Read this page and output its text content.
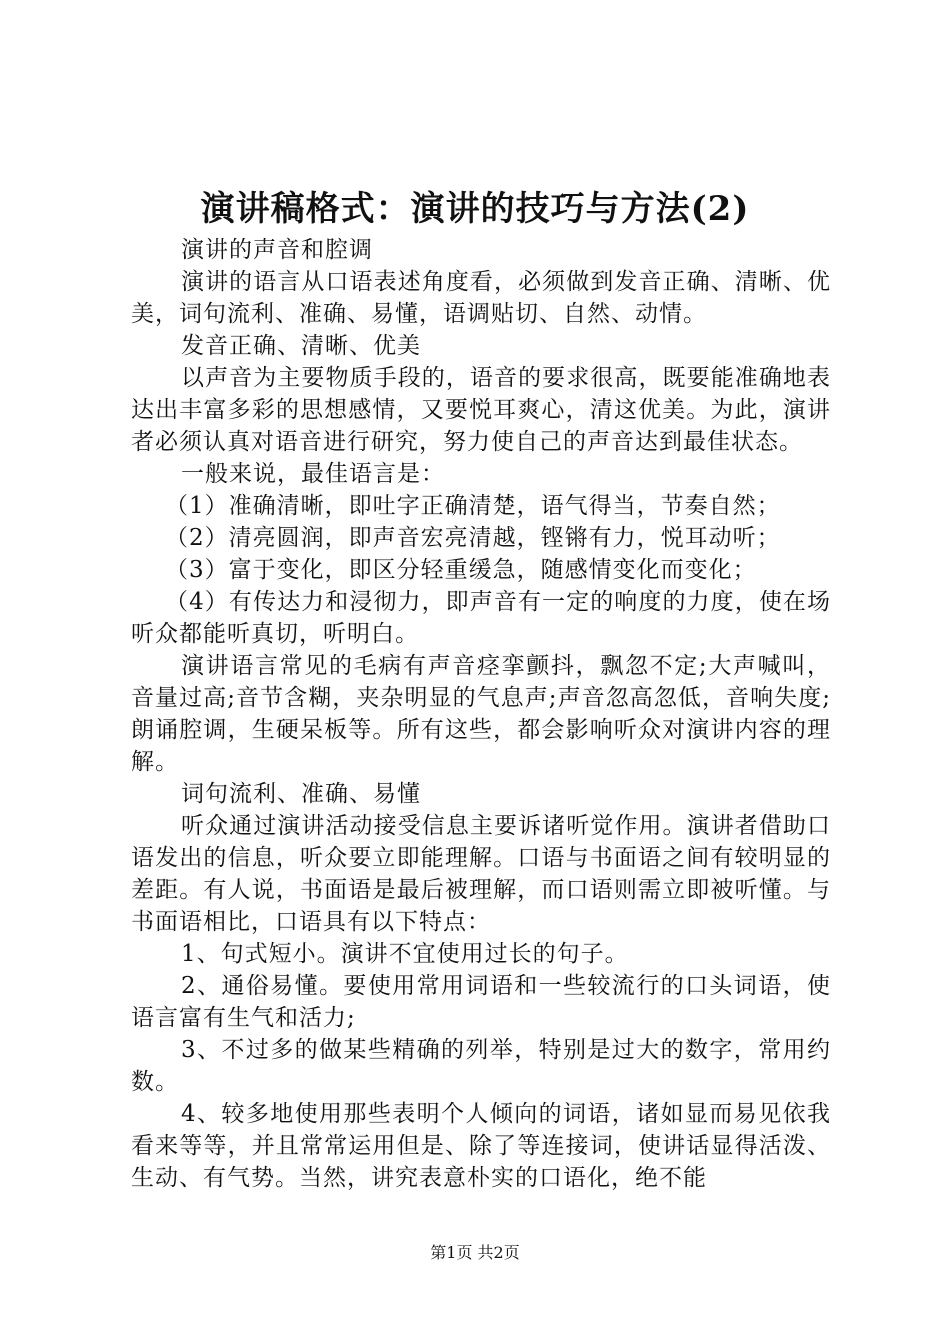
演讲稿格式：演讲的技巧与方法(2)

演讲的声音和腔调

演讲的语言从口语表述角度看，必须做到发音正确、清晰、优美，词句流利、准确、易懂，语调贴切、自然、动情。

发音正确、清晰、优美

以声音为主要物质手段的，语音的要求很高，既要能准确地表达出丰富多彩的思想感情，又要悦耳爽心，清这优美。为此，演讲者必须认真对语音进行研究，努力使自己的声音达到最佳状态。

一般来说，最佳语言是：

（1）准确清晰，即吐字正确清楚，语气得当，节奏自然；

（2）清亮圆润，即声音宏亮清越，铿锵有力，悦耳动听；

（3）富于变化，即区分轻重缓急，随感情变化而变化；

（4）有传达力和浸彻力，即声音有一定的响度的力度，使在场听众都能听真切，听明白。

演讲语言常见的毛病有声音痉挛颤抖，飘忽不定;大声喊叫，音量过高;音节含糊，夹杂明显的气息声;声音忽高忽低，音响失度;朗诵腔调，生硬呆板等。所有这些，都会影响听众对演讲内容的理解。

词句流利、准确、易懂

听众通过演讲活动接受信息主要诉诸听觉作用。演讲者借助口语发出的信息，听众要立即能理解。口语与书面语之间有较明显的差距。有人说，书面语是最后被理解，而口语则需立即被听懂。与书面语相比，口语具有以下特点：

1、句式短小。演讲不宜使用过长的句子。

2、通俗易懂。要使用常用词语和一些较流行的口头词语，使语言富有生气和活力;

3、不过多的做某些精确的列举，特别是过大的数字，常用约数。

4、较多地使用那些表明个人倾向的词语，诸如显而易见依我看来等等，并且常常运用但是、除了等连接词，使讲话显得活泼、生动、有气势。当然，讲究表意朴实的口语化，绝不能

第1页 共2页
